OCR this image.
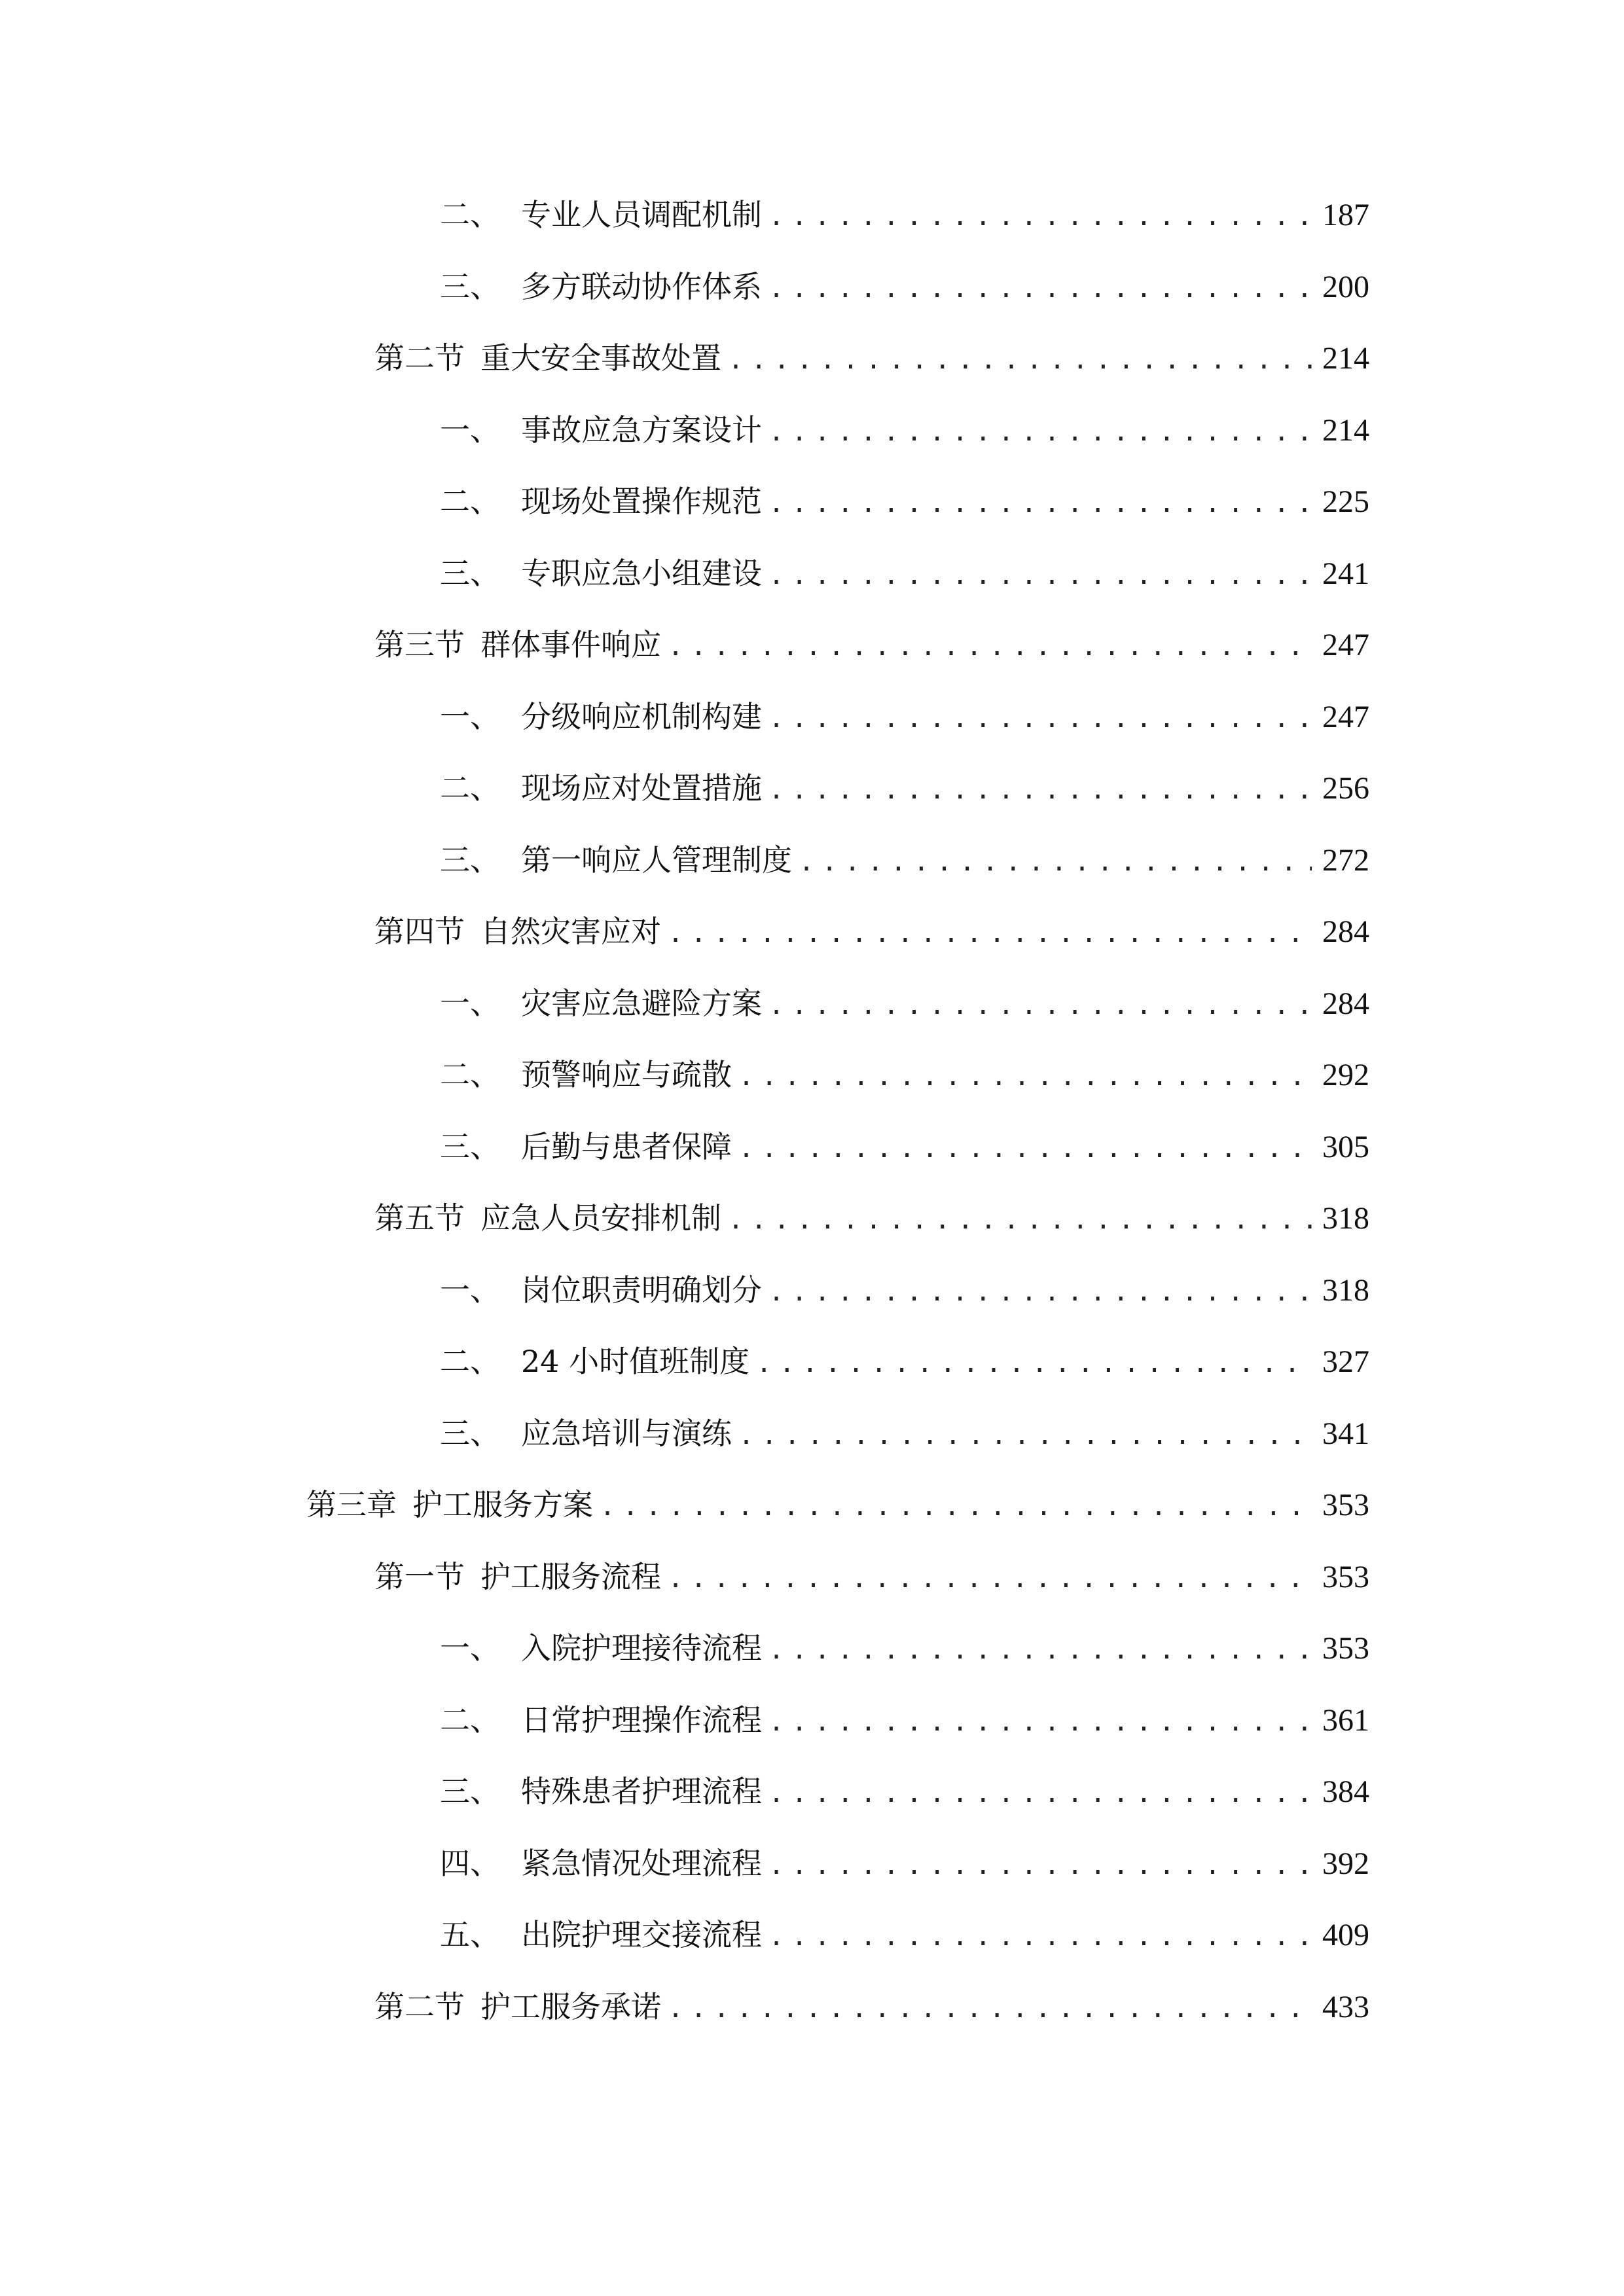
二、 专业人员调配机制 .....	187
三、 多方联动协作体系 .....	200
第二节 重大安全事故处置 .....	214
一、 事故应急方案设计 .....	214
二、 现场处置操作规范 .....	225
三、 专职应急小组建设 .....	241
第三节 群体事件响应 .....	247
一、 分级响应机制构建 .....	247
二、 现场应对处置措施 .....	256
三、 第一响应人管理制度 .....	272
第四节 自然灾害应对 .....	284
一、 灾害应急避险方案 .....	284
二、 预警响应与疏散 .....	292
三、 后勤与患者保障 .....	305
第五节 应急人员安排机制 .....	318
一、 岗位职责明确划分 .....	318
二、 24 小时值班制度 .....	327
三、 应急培训与演练 .....	341
第三章 护工服务方案 .....	353
第一节 护工服务流程 .....	353
一、 入院护理接待流程 .....	353
二、 日常护理操作流程 .....	361
三、 特殊患者护理流程 .....	384
四、 紧急情况处理流程 .....	392
五、 出院护理交接流程 .....	409
第二节 护工服务承诺 .....	433
